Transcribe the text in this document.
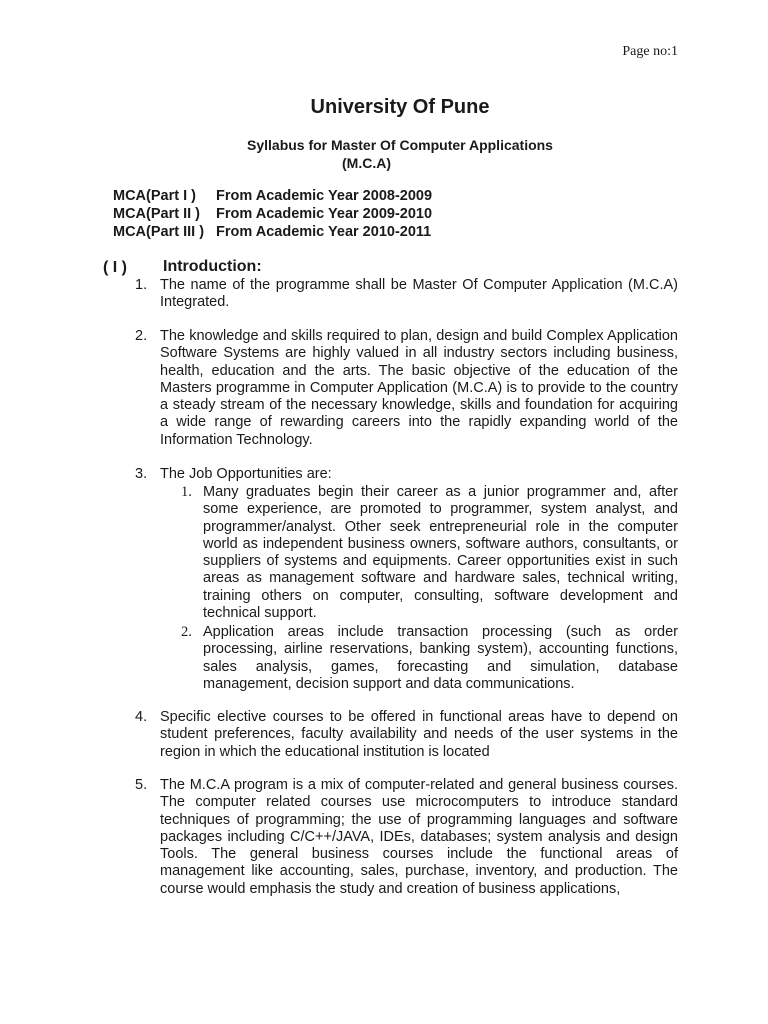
Page no:1
University Of Pune
Syllabus for Master Of Computer Applications
(M.C.A)
MCA(Part I ) From Academic Year 2008-2009
MCA(Part II ) From Academic Year 2009-2010
MCA(Part III ) From Academic Year 2010-2011
( I ) Introduction:
1. The name of the programme shall be Master Of Computer Application (M.C.A) Integrated.
2. The knowledge and skills required to plan, design and build Complex Application Software Systems are highly valued in all industry sectors including business, health, education and the arts. The basic objective of the education of the Masters programme in Computer Application (M.C.A) is to provide to the country a steady stream of the necessary knowledge, skills and foundation for acquiring a wide range of rewarding careers into the rapidly expanding world of the Information Technology.
3. The Job Opportunities are:
1. Many graduates begin their career as a junior programmer and, after some experience, are promoted to programmer, system analyst, and programmer/analyst. Other seek entrepreneurial role in the computer world as independent business owners, software authors, consultants, or suppliers of systems and equipments. Career opportunities exist in such areas as management software and hardware sales, technical writing, training others on computer, consulting, software development and technical support.
2. Application areas include transaction processing (such as order processing, airline reservations, banking system), accounting functions, sales analysis, games, forecasting and simulation, database management, decision support and data communications.
4. Specific elective courses to be offered in functional areas have to depend on student preferences, faculty availability and needs of the user systems in the region in which the educational institution is located
5. The M.C.A program is a mix of computer-related and general business courses. The computer related courses use microcomputers to introduce standard techniques of programming; the use of programming languages and software packages including C/C++/JAVA, IDEs, databases; system analysis and design Tools. The general business courses include the functional areas of management like accounting, sales, purchase, inventory, and production. The course would emphasis the study and creation of business applications,
